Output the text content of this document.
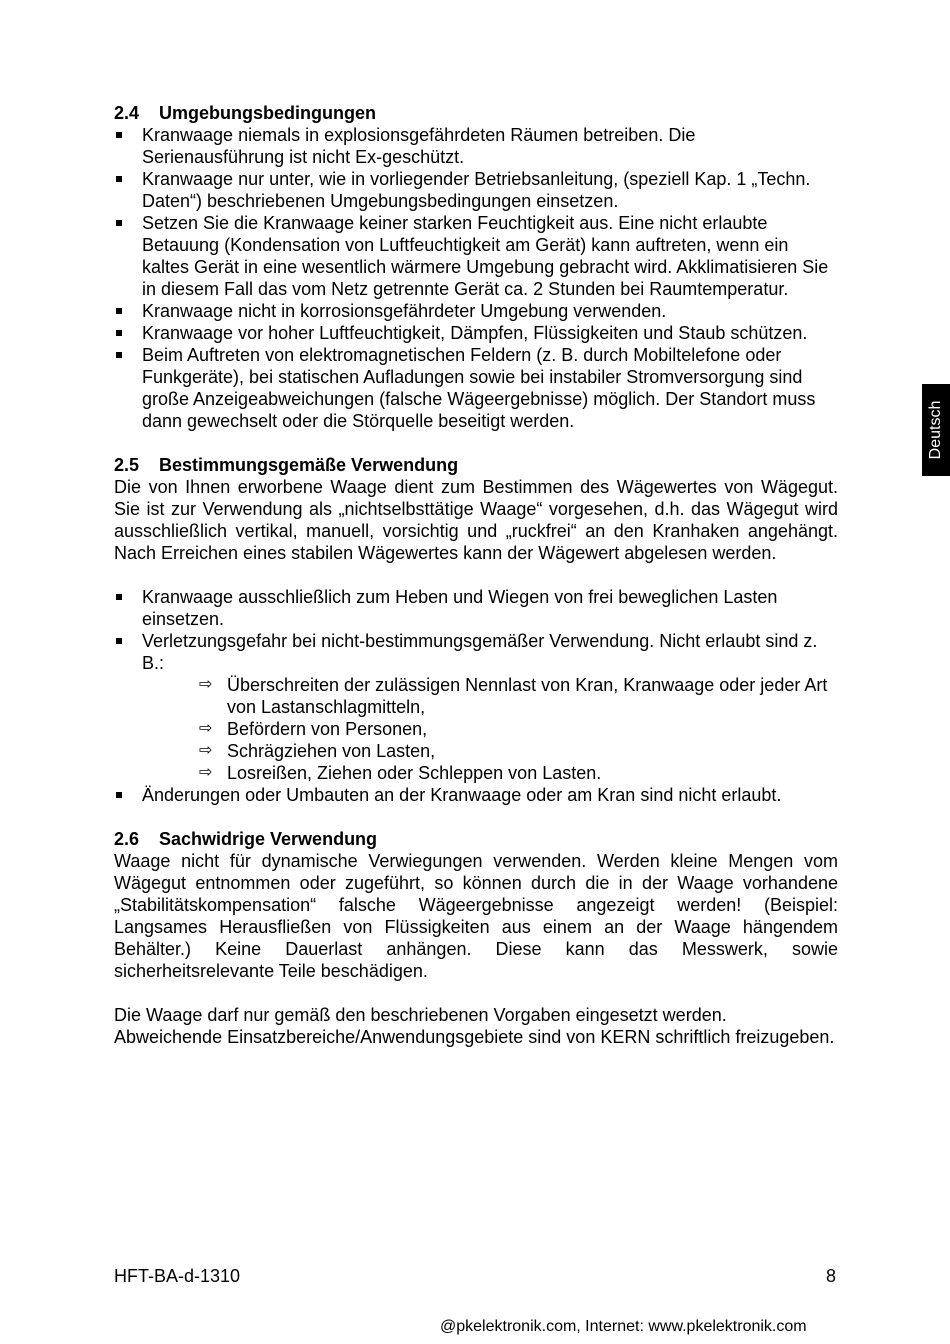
Deutsch
2.4 Umgebungsbedingungen
Kranwaage niemals in explosionsgefährdeten Räumen betreiben. Die Serienausführung ist nicht Ex-geschützt.
Kranwaage nur unter, wie in vorliegender Betriebsanleitung, (speziell Kap. 1 „Techn. Daten“) beschriebenen Umgebungsbedingungen einsetzen.
Setzen Sie die Kranwaage keiner starken Feuchtigkeit aus. Eine nicht erlaubte Betauung (Kondensation von Luftfeuchtigkeit am Gerät) kann auftreten, wenn ein kaltes Gerät in eine wesentlich wärmere Umgebung gebracht wird. Akklimatisieren Sie in diesem Fall das vom Netz getrennte Gerät ca. 2 Stunden bei Raumtemperatur.
Kranwaage nicht in korrosionsgefährdeter Umgebung verwenden.
Kranwaage vor hoher Luftfeuchtigkeit, Dämpfen, Flüssigkeiten und Staub schützen.
Beim Auftreten von elektromagnetischen Feldern (z. B. durch Mobiltelefone oder Funkgeräte), bei statischen Aufladungen sowie bei instabiler Stromversorgung sind große Anzeigeabweichungen (falsche Wägeergebnisse) möglich. Der Standort muss dann gewechselt oder die Störquelle beseitigt werden.
2.5 Bestimmungsgemäße Verwendung

Die von Ihnen erworbene Waage dient zum Bestimmen des Wägewertes von Wägegut. Sie ist zur Verwendung als „nichtselbsttätige Waage“ vorgesehen, d.h. das Wägegut wird ausschließlich vertikal, manuell, vorsichtig und „ruckfrei“ an den Kranhaken angehängt. Nach Erreichen eines stabilen Wägewertes kann der Wägewert abgelesen werden.

Kranwaage ausschließlich zum Heben und Wiegen von frei beweglichen Lasten einsetzen.
Verletzungsgefahr bei nicht-bestimmungsgemäßer Verwendung. Nicht erlaubt sind z. B.:
⇨ Überschreiten der zulässigen Nennlast von Kran, Kranwaage oder jeder Art von Lastanschlagmitteln,
⇨ Befördern von Personen,
⇨ Schrägziehen von Lasten,
⇨ Losreißen, Ziehen oder Schleppen von Lasten.
Änderungen oder Umbauten an der Kranwaage oder am Kran sind nicht erlaubt.
2.6 Sachwidrige Verwendung

Waage nicht für dynamische Verwiegungen verwenden. Werden kleine Mengen vom Wägegut entnommen oder zugeführt, so können durch die in der Waage vorhandene „Stabilitätskompensation“ falsche Wägeergebnisse angezeigt werden! (Beispiel: Langsames Herausfließen von Flüssigkeiten aus einem an der Waage hängendem Behälter.) Keine Dauerlast anhängen. Diese kann das Messwerk, sowie sicherheitsrelevante Teile beschädigen.

Die Waage darf nur gemäß den beschriebenen Vorgaben eingesetzt werden. Abweichende Einsatzbereiche/Anwendungsgebiete sind von KERN schriftlich freizugeben.

HFT-BA-d-1310	8
@pkelektronik.com, Internet: www.pkelektronik.com
